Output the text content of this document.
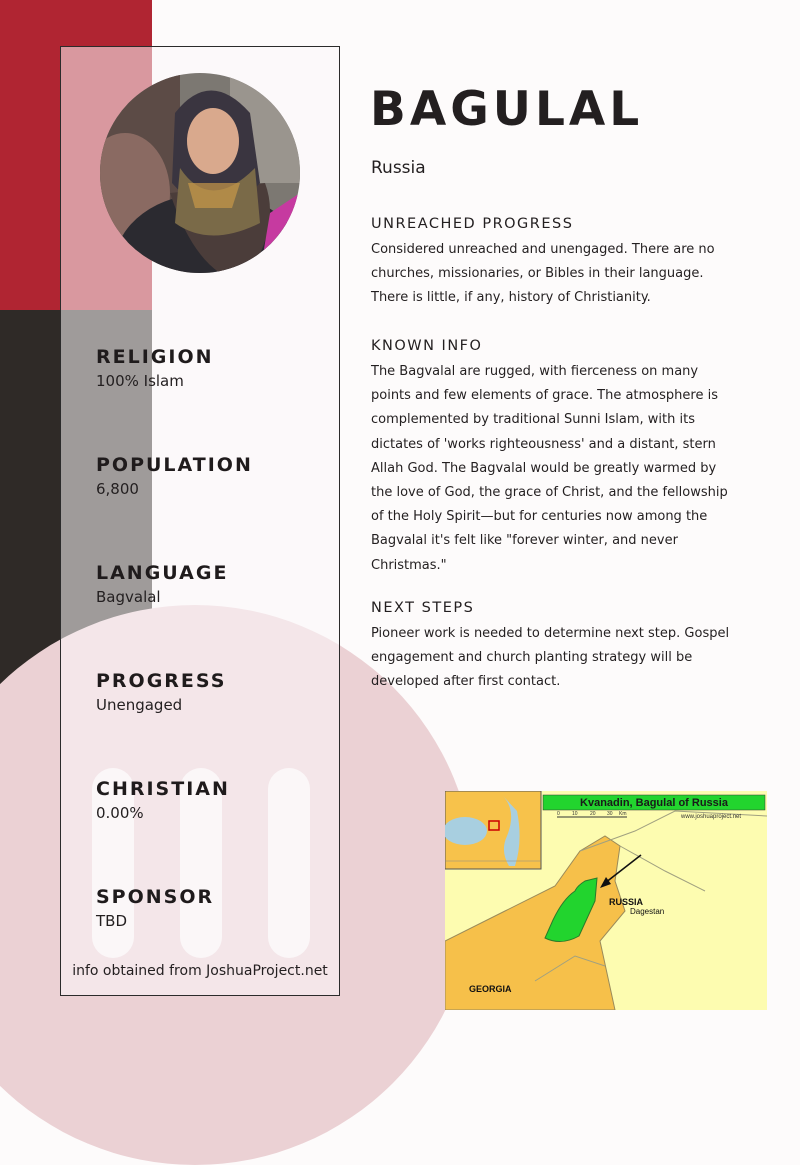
RELIGION
100% Islam
POPULATION
6,800
LANGUAGE
Bagvalal
PROGRESS
Unengaged
CHRISTIAN
0.00%
SPONSOR
TBD
info obtained from JoshuaProject.net
BAGULAL
Russia
UNREACHED PROGRESS
Considered unreached and unengaged. There are no churches, missionaries, or Bibles in their language. There is little, if any, history of Christianity.
KNOWN INFO
The Bagvalal are rugged, with fierceness on many points and few elements of grace. The atmosphere is complemented by traditional Sunni Islam, with its dictates of 'works righteousness' and a distant, stern Allah God. The Bagvalal would be greatly warmed by the love of God, the grace of Christ, and the fellowship of the Holy Spirit—but for centuries now among the Bagvalal it's felt like "forever winter, and never Christmas."
NEXT STEPS
Pioneer work is needed to determine next step. Gospel engagement and church planting strategy will be developed after first contact.
Kvanadin, Bagulal of Russia
0 10 20 30 Km	www.joshuaproject.net
RUSSIA
Dagestan
GEORGIA
